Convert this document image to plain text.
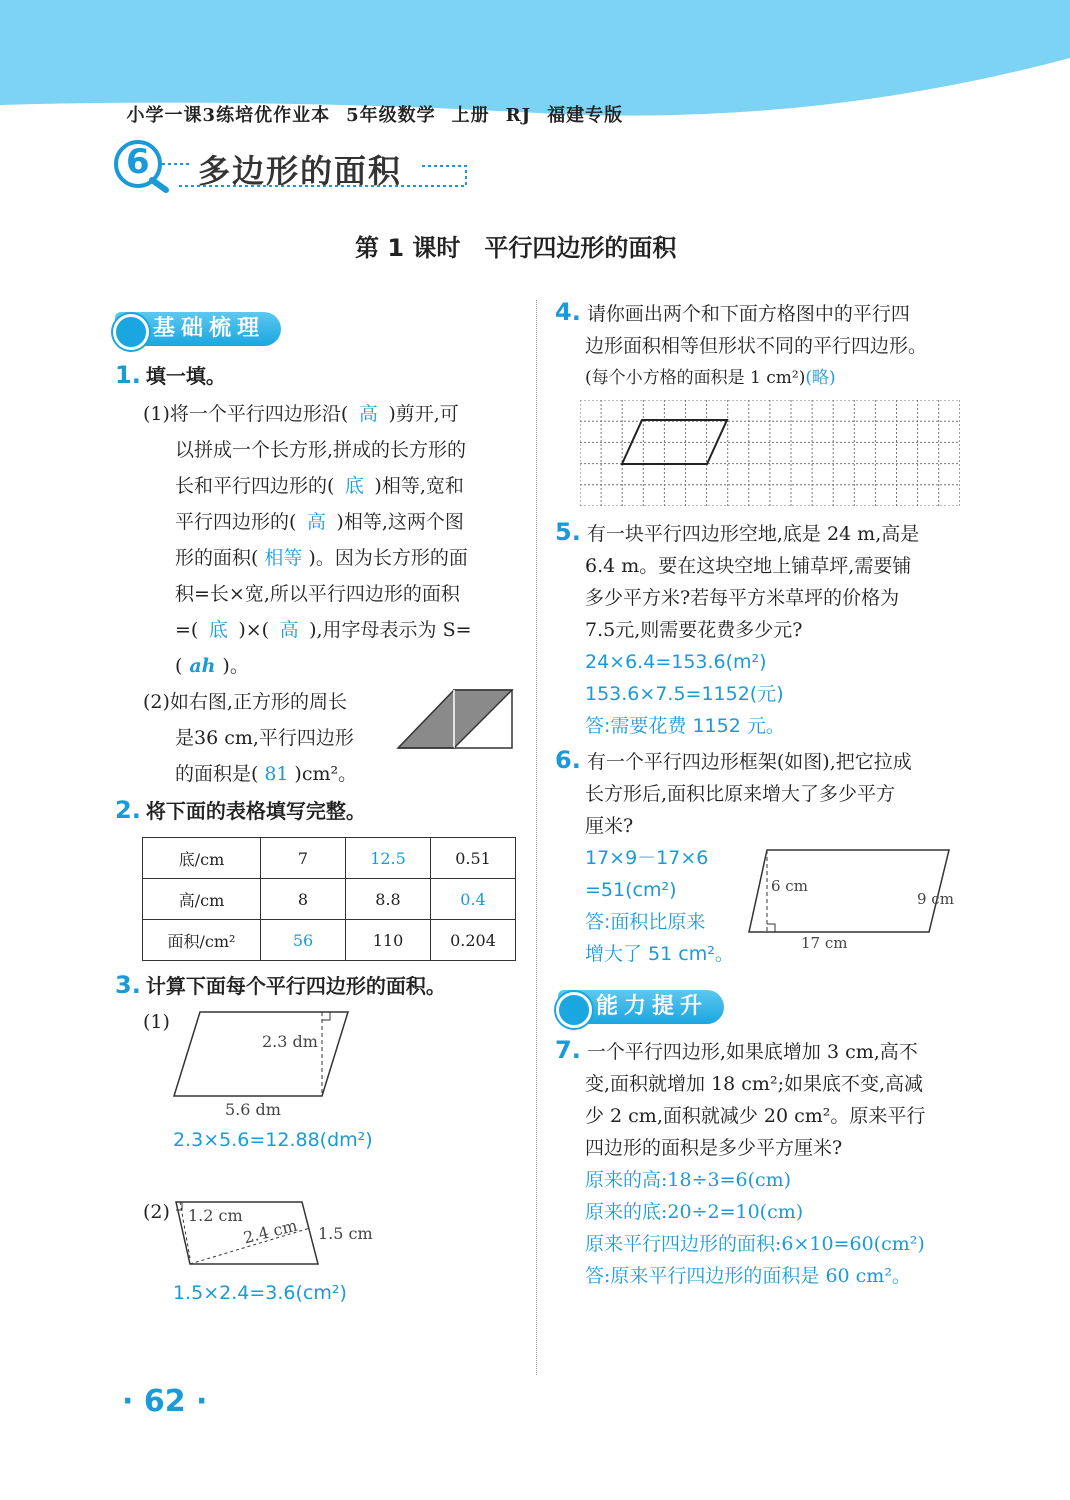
小学一课3练培优作业本 5年级数学 上册 RJ 福建专版

6 多边形的面积
第 1 课时　平行四边形的面积
基础梳理
1. 填一填。
(1)将一个平行四边形沿( 高 )剪开,可
以拼成一个长方形,拼成的长方形的
长和平行四边形的( 底 )相等,宽和
平行四边形的( 高 )相等,这两个图
形的面积( 相等 )。因为长方形的面
积=长×宽,所以平行四边形的面积
=( 底 )×( 高 ),用字母表示为 S=
( ah )。
(2)如右图,正方形的周长
是36 cm,平行四边形
的面积是( 81 )cm²。
2. 将下面的表格填写完整。
底/cm	7	12.5	0.51
高/cm	8	8.8	0.4
面积/cm²	56	110	0.204
3. 计算下面每个平行四边形的面积。
(1)
2.3 dm
5.6 dm
2.3×5.6=12.88(dm²)
(2) 1.2 cm
2.4 cm 1.5 cm
1.5×2.4=3.6(cm²)
4. 请你画出两个和下面方格图中的平行四
边形面积相等但形状不同的平行四边形。
(每个小方格的面积是 1 cm²)(略)
5. 有一块平行四边形空地,底是 24 m,高是
6.4 m。要在这块空地上铺草坪,需要铺
多少平方米?若每平方米草坪的价格为
7.5元,则需要花费多少元?
24×6.4=153.6(m²)
153.6×7.5=1152(元)
答:需要花费 1152 元。
6. 有一个平行四边形框架(如图),把它拉成
长方形后,面积比原来增大了多少平方
厘米?
17×9－17×6
=51(cm²)
答:面积比原来
增大了 51 cm²。
6 cm
9 cm
17 cm
能力提升
7. 一个平行四边形,如果底增加 3 cm,高不
变,面积就增加 18 cm²;如果底不变,高减
少 2 cm,面积就减少 20 cm²。原来平行
四边形的面积是多少平方厘米?
原来的高:18÷3=6(cm)
原来的底:20÷2=10(cm)
原来平行四边形的面积:6×10=60(cm²)
答:原来平行四边形的面积是 60 cm²。
· 62 ·
